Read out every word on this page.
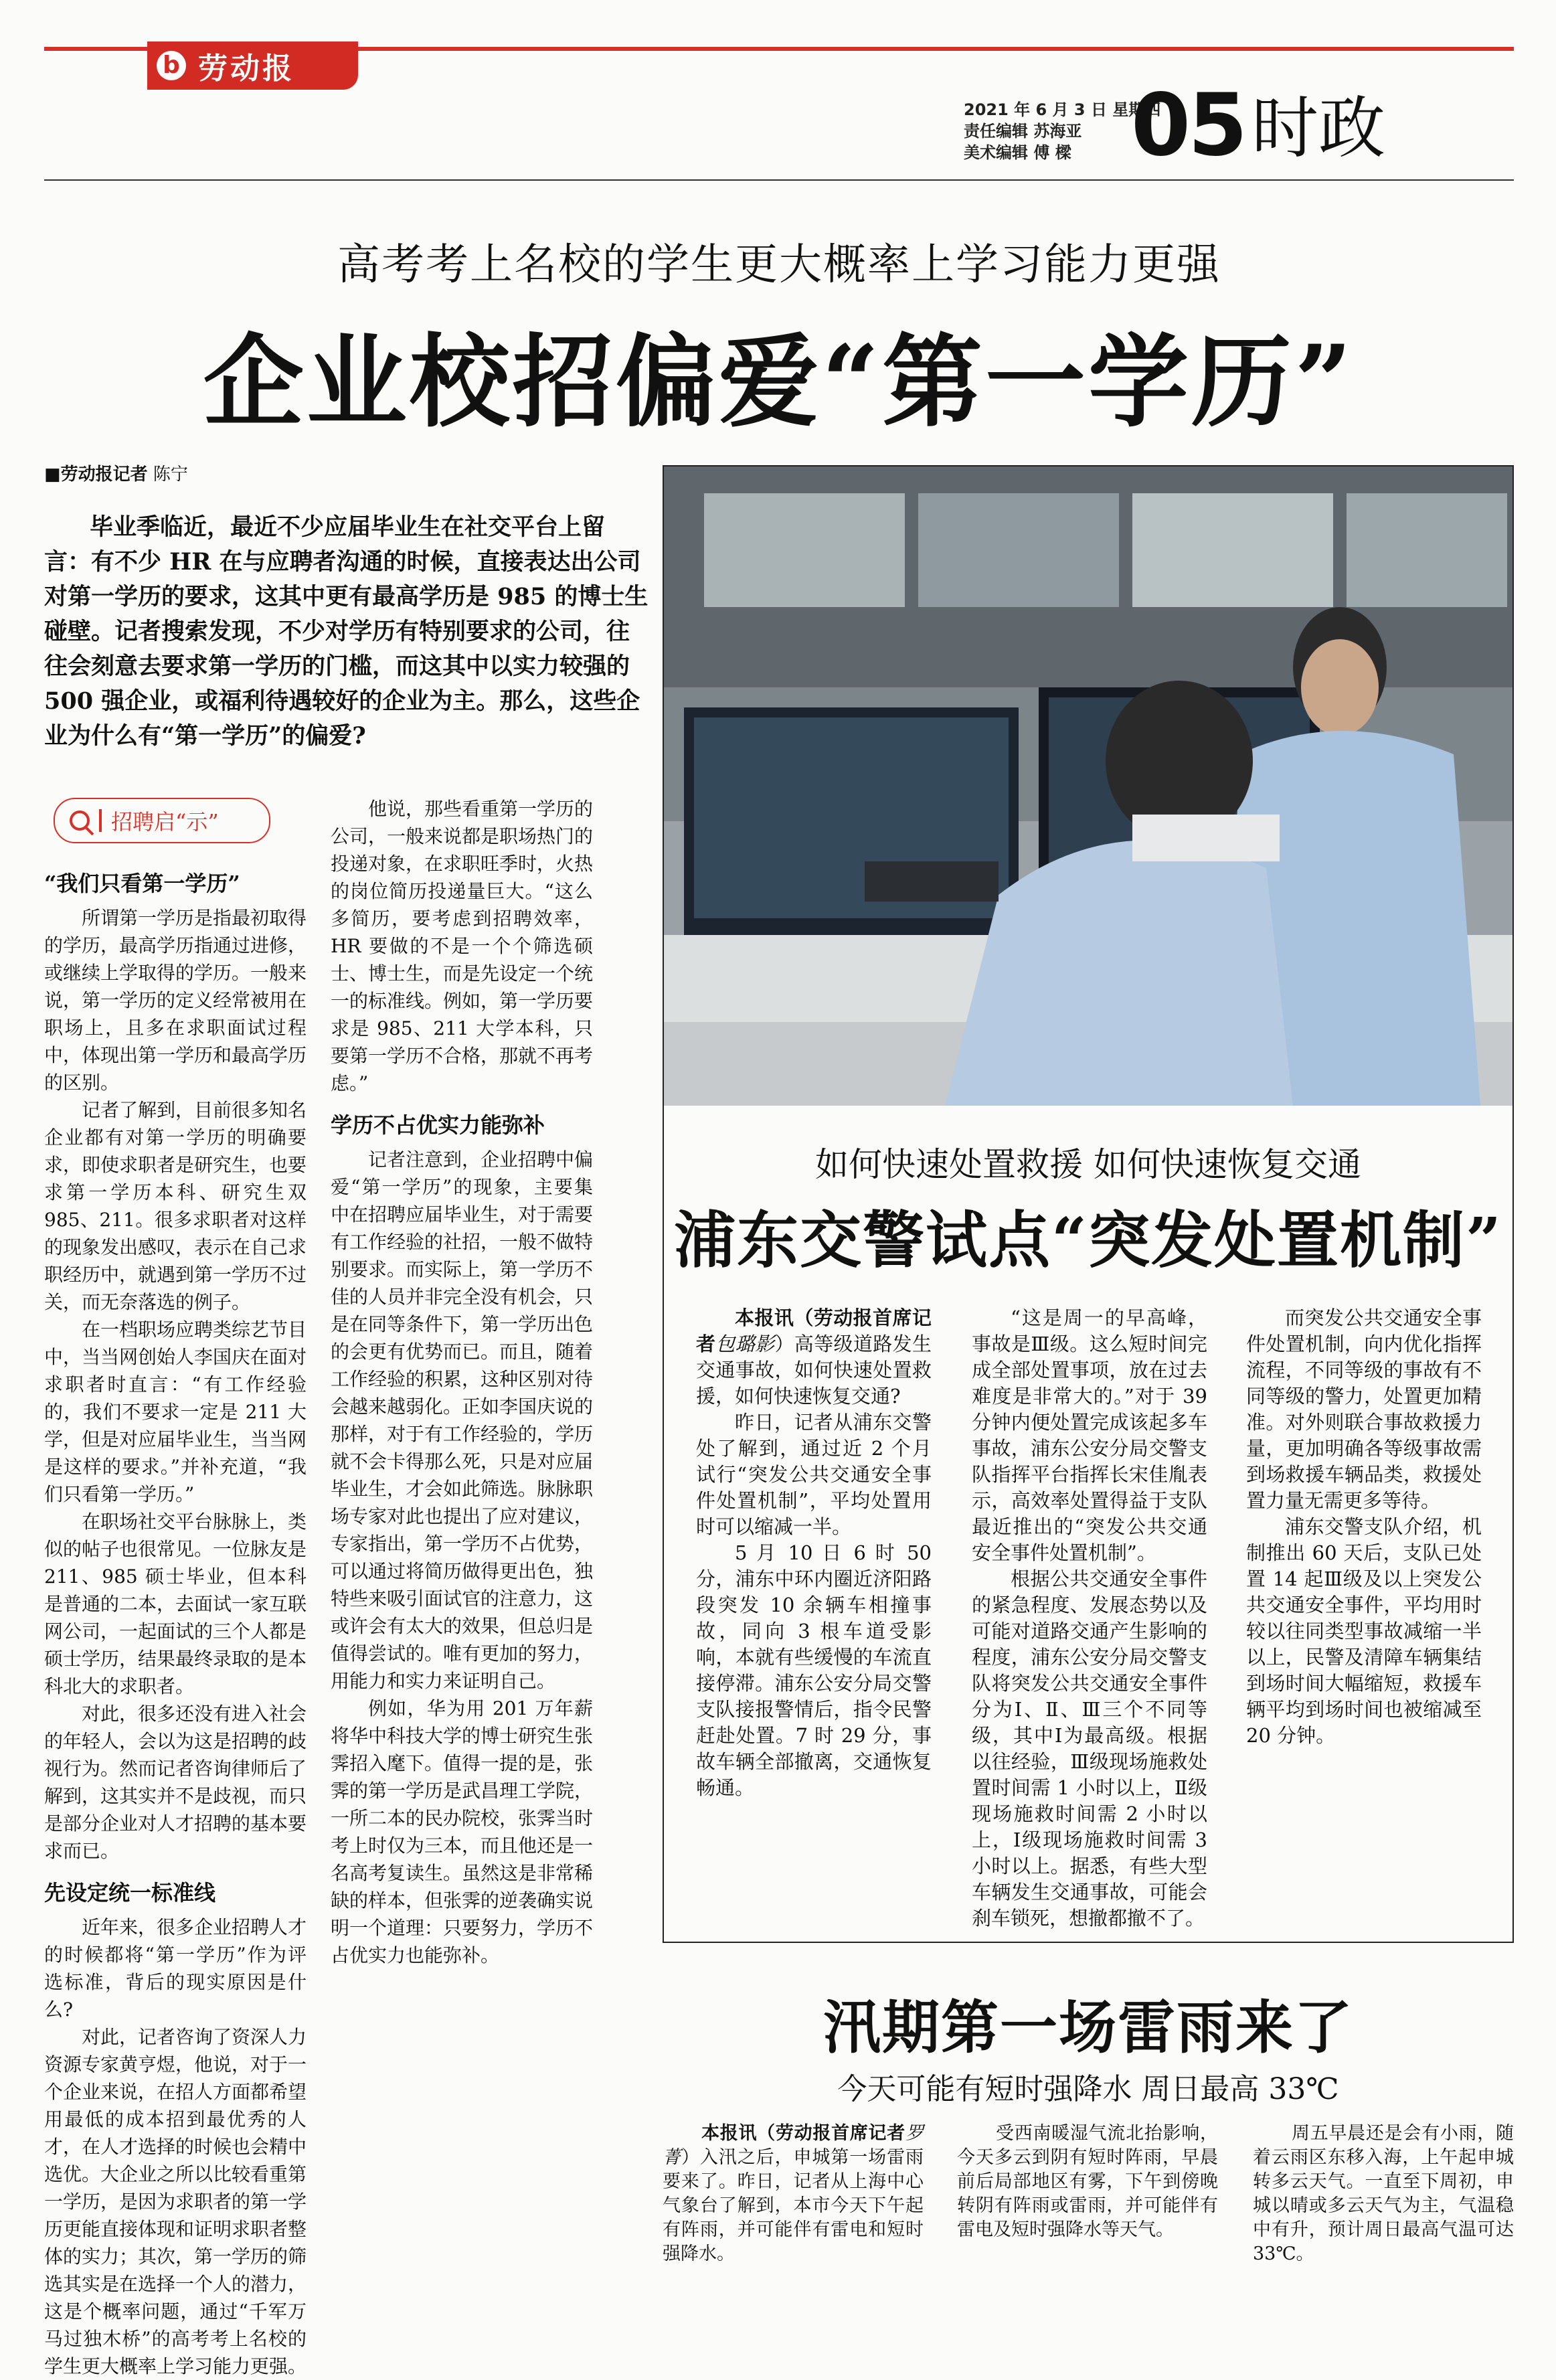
b 劳动报
2021 年 6 月 3 日 星期四
责任编辑 苏海亚
美术编辑 傅 樑 05 时政
高考考上名校的学生更大概率上学习能力更强
企业校招偏爱“第一学历”
■劳动报记者 陈宁
毕业季临近，最近不少应届毕业生在社交平台上留言：有不少 HR 在与应聘者沟通的时候，直接表达出公司对第一学历的要求，这其中更有最高学历是 985 的博士生碰壁。记者搜索发现，不少对学历有特别要求的公司，往往会刻意去要求第一学历的门槛，而这其中以实力较强的 500 强企业，或福利待遇较好的企业为主。那么，这些企业为什么有“第一学历”的偏爱?
招聘启“示”
“我们只看第一学历”

所谓第一学历是指最初取得的学历，最高学历指通过进修，或继续上学取得的学历。一般来说，第一学历的定义经常被用在职场上，且多在求职面试过程中，体现出第一学历和最高学历的区别。

记者了解到，目前很多知名企业都有对第一学历的明确要求，即使求职者是研究生，也要求第一学历本科、研究生双 985、211。很多求职者对这样的现象发出感叹，表示在自己求职经历中，就遇到第一学历不过关，而无奈落选的例子。

在一档职场应聘类综艺节目中，当当网创始人李国庆在面对求职者时直言：“有工作经验的，我们不要求一定是 211 大学，但是对应届毕业生，当当网是这样的要求。”并补充道，“我们只看第一学历。”

在职场社交平台脉脉上，类似的帖子也很常见。一位脉友是 211、985 硕士毕业，但本科是普通的二本，去面试一家互联网公司，一起面试的三个人都是硕士学历，结果最终录取的是本科北大的求职者。

对此，很多还没有进入社会的年轻人，会以为这是招聘的歧视行为。然而记者咨询律师后了解到，这其实并不是歧视，而只是部分企业对人才招聘的基本要求而已。

先设定统一标准线

近年来，很多企业招聘人才的时候都将“第一学历”作为评选标准，背后的现实原因是什么?

对此，记者咨询了资深人力资源专家黄亨煜，他说，对于一个企业来说，在招人方面都希望用最低的成本招到最优秀的人才，在人才选择的时候也会精中选优。大企业之所以比较看重第一学历，是因为求职者的第一学历更能直接体现和证明求职者整体的实力；其次，第一学历的筛选其实是在选择一个人的潜力，这是个概率问题，通过“千军万马过独木桥”的高考考上名校的学生更大概率上学习能力更强。

他说，那些看重第一学历的公司，一般来说都是职场热门的投递对象，在求职旺季时，火热的岗位简历投递量巨大。“这么多简历，要考虑到招聘效率，HR 要做的不是一个个筛选硕士、博士生，而是先设定一个统一的标准线。例如，第一学历要求是 985、211 大学本科，只要第一学历不合格，那就不再考虑。”

学历不占优实力能弥补

记者注意到，企业招聘中偏爱“第一学历”的现象，主要集中在招聘应届毕业生，对于需要有工作经验的社招，一般不做特别要求。而实际上，第一学历不佳的人员并非完全没有机会，只是在同等条件下，第一学历出色的会更有优势而已。而且，随着工作经验的积累，这种区别对待会越来越弱化。正如李国庆说的那样，对于有工作经验的，学历就不会卡得那么死，只是对应届毕业生，才会如此筛选。脉脉职场专家对此也提出了应对建议，专家指出，第一学历不占优势，可以通过将简历做得更出色，独特些来吸引面试官的注意力，这或许会有太大的效果，但总归是值得尝试的。唯有更加的努力，用能力和实力来证明自己。

例如，华为用 201 万年薪将华中科技大学的博士研究生张霁招入麾下。值得一提的是，张霁的第一学历是武昌理工学院，一所二本的民办院校，张霁当时考上时仅为三本，而且他还是一名高考复读生。虽然这是非常稀缺的样本，但张霁的逆袭确实说明一个道理：只要努力，学历不占优实力也能弥补。

如何快速处置救援 如何快速恢复交通
浦东交警试点“突发处置机制”

本报讯（劳动报首席记者包璐影）高等级道路发生交通事故，如何快速处置救援，如何快速恢复交通?

昨日，记者从浦东交警处了解到，通过近 2 个月试行“突发公共交通安全事件处置机制”，平均处置用时可以缩减一半。

5 月 10 日 6 时 50 分，浦东中环内圈近济阳路段突发 10 余辆车相撞事故，同向 3 根车道受影响，本就有些缓慢的车流直接停滞。浦东公安分局交警支队接报警情后，指令民警赶赴处置。7 时 29 分，事故车辆全部撤离，交通恢复畅通。

“这是周一的早高峰，事故是Ⅲ级。这么短时间完成全部处置事项，放在过去难度是非常大的。”对于 39 分钟内便处置完成该起多车事故，浦东公安分局交警支队指挥平台指挥长宋佳胤表示，高效率处置得益于支队最近推出的“突发公共交通安全事件处置机制”。

根据公共交通安全事件的紧急程度、发展态势以及可能对道路交通产生影响的程度，浦东公安分局交警支队将突发公共交通安全事件分为Ⅰ、Ⅱ、Ⅲ三个不同等级，其中Ⅰ为最高级。根据以往经验，Ⅲ级现场施救处置时间需 1 小时以上，Ⅱ级现场施救时间需 2 小时以上，Ⅰ级现场施救时间需 3 小时以上。据悉，有些大型车辆发生交通事故，可能会刹车锁死，想撤都撤不了。

而突发公共交通安全事件处置机制，向内优化指挥流程，不同等级的事故有不同等级的警力，处置更加精准。对外则联合事故救援力量，更加明确各等级事故需到场救援车辆品类，救援处置力量无需更多等待。

浦东交警支队介绍，机制推出 60 天后，支队已处置 14 起Ⅲ级及以上突发公共交通安全事件，平均用时较以往同类型事故减缩一半以上，民警及清障车辆集结到场时间大幅缩短，救援车辆平均到场时间也被缩减至 20 分钟。

汛期第一场雷雨来了
今天可能有短时强降水 周日最高 33℃

本报讯（劳动报首席记者罗菁）入汛之后，申城第一场雷雨要来了。昨日，记者从上海中心气象台了解到，本市今天下午起有阵雨，并可能伴有雷电和短时强降水。

受西南暖湿气流北抬影响，今天多云到阴有短时阵雨，早晨前后局部地区有雾，下午到傍晚转阴有阵雨或雷雨，并可能伴有雷电及短时强降水等天气。

周五早晨还是会有小雨，随着云雨区东移入海，上午起申城转多云天气。一直至下周初，申城以晴或多云天气为主，气温稳中有升，预计周日最高气温可达 33℃。
